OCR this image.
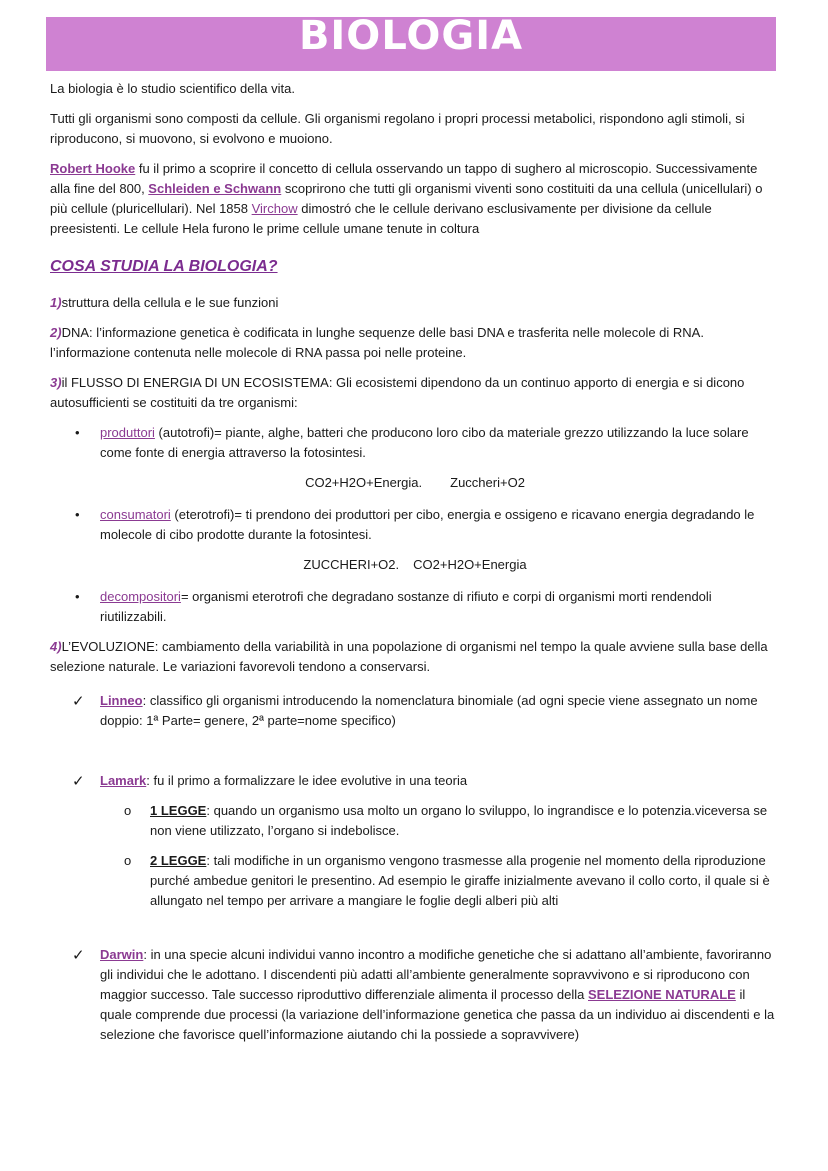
BIOLOGIA

La biologia è lo studio scientifico della vita.

Tutti gli organismi sono composti da cellule. Gli organismi regolano i propri processi metabolici, rispondono agli stimoli, si riproducono, si muovono, si evolvono e muoiono.

Robert Hooke fu il primo a scoprire il concetto di cellula osservando un tappo di sughero al microscopio. Successivamente alla fine del 800, Schleiden e Schwann scoprirono che tutti gli organismi viventi sono costituiti da una cellula (unicellulari) o più cellule (pluricellulari). Nel 1858 Virchow dimostró che le cellule derivano esclusivamente per divisione da cellule preesistenti. Le cellule Hela furono le prime cellule umane tenute in coltura

COSA STUDIA LA BIOLOGIA?

1)struttura della cellula e le sue funzioni

2)DNA: l’informazione genetica è codificata in lunghe sequenze delle basi DNA e trasferita nelle molecole di RNA. l’informazione contenuta nelle molecole di RNA passa poi nelle proteine.

3)il FLUSSO DI ENERGIA DI UN ECOSISTEMA: Gli ecosistemi dipendono da un continuo apporto di energia e si dicono autosufficienti se costituiti da tre organismi:

• produttori (autotrofi)= piante, alghe, batteri che producono loro cibo da materiale grezzo utilizzando la luce solare come fonte di energia attraverso la fotosintesi.
CO2+H2O+Energia. Zuccheri+O2
• consumatori (eterotrofi)= ti prendono dei produttori per cibo, energia e ossigeno e ricavano energia degradando le molecole di cibo prodotte durante la fotosintesi.
ZUCCHERI+O2. CO2+H2O+Energia
• decompositori= organismi eterotrofi che degradano sostanze di rifiuto e corpi di organismi morti rendendoli riutilizzabili.

4)L’EVOLUZIONE: cambiamento della variabilità in una popolazione di organismi nel tempo la quale avviene sulla base della selezione naturale. Le variazioni favorevoli tendono a conservarsi.

✓ Linneo: classifico gli organismi introducendo la nomenclatura binomiale (ad ogni specie viene assegnato un nome doppio: 1ª Parte= genere, 2ª parte=nome specifico)
✓ Lamark: fu il primo a formalizzare le idee evolutive in una teoria
o 1 LEGGE: quando un organismo usa molto un organo lo sviluppo, lo ingrandisce e lo potenzia.viceversa se non viene utilizzato, l’organo si indebolisce.
o 2 LEGGE: tali modifiche in un organismo vengono trasmesse alla progenie nel momento della riproduzione purché ambedue genitori le presentino. Ad esempio le giraffe inizialmente avevano il collo corto, il quale si è allungato nel tempo per arrivare a mangiare le foglie degli alberi più alti
✓ Darwin: in una specie alcuni individui vanno incontro a modifiche genetiche che si adattano all’ambiente, favoriranno gli individui che le adottano. I discendenti più adatti all’ambiente generalmente sopravvivono e si riproducono con maggior successo. Tale successo riproduttivo differenziale alimenta il processo della SELEZIONE NATURALE il quale comprende due processi (la variazione dell’informazione genetica che passa da un individuo ai discendenti e la selezione che favorisce quell’informazione aiutando chi la possiede a sopravvivere)
